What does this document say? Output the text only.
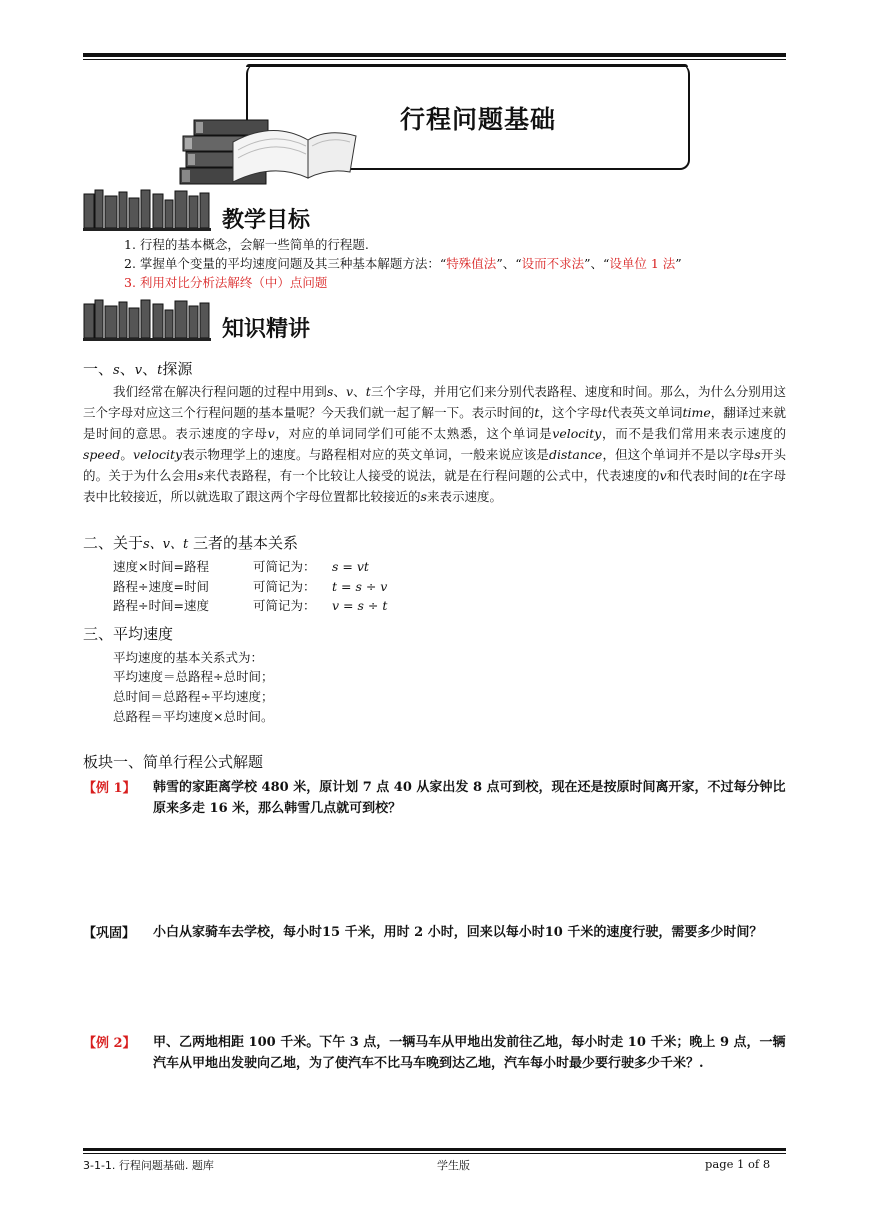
行程问题基础
教学目标
1. 行程的基本概念，会解一些简单的行程题.
2. 掌握单个变量的平均速度问题及其三种基本解题方法：“特殊值法”、“设而不求法”、“设单位 1 法”
3. 利用对比分析法解终（中）点问题
知识精讲
一、s、v、t探源
我们经常在解决行程问题的过程中用到s、v、t三个字母，并用它们来分别代表路程、速度和时间。那么，为什么分别用这三个字母对应这三个行程问题的基本量呢？今天我们就一起了解一下。表示时间的t，这个字母t代表英文单词time，翻译过来就是时间的意思。表示速度的字母v，对应的单词同学们可能不太熟悉，这个单词是velocity，而不是我们常用来表示速度的speed。velocity表示物理学上的速度。与路程相对应的英文单词，一般来说应该是distance，但这个单词并不是以字母s开头的。关于为什么会用s来代表路程，有一个比较让人接受的说法，就是在行程问题的公式中，代表速度的v和代表时间的t在字母表中比较接近，所以就选取了跟这两个字母位置都比较接近的s来表示速度。
二、关于s、v、t 三者的基本关系
速度×时间=路程	可简记为： s = vt
路程÷速度=时间	可简记为： t = s ÷ v
路程÷时间=速度	可简记为： v = s ÷ t
三、平均速度
平均速度的基本关系式为：
平均速度＝总路程÷总时间；
总时间＝总路程÷平均速度；
总路程＝平均速度×总时间。
板块一、简单行程公式解题
【例 1】 韩雪的家距离学校 480 米，原计划 7 点 40 从家出发 8 点可到校，现在还是按原时间离开家，不过每分钟比原来多走 16 米，那么韩雪几点就可到校？
【巩固】 小白从家骑车去学校，每小时15 千米，用时 2 小时，回来以每小时10 千米的速度行驶，需要多少时间？
【例 2】 甲、乙两地相距 100 千米。下午 3 点，一辆马车从甲地出发前往乙地，每小时走 10 千米；晚上 9 点，一辆汽车从甲地出发驶向乙地，为了使汽车不比马车晚到达乙地，汽车每小时最少要行驶多少千米？.
3-1-1. 行程问题基础. 题库	学生版	page 1 of 8
